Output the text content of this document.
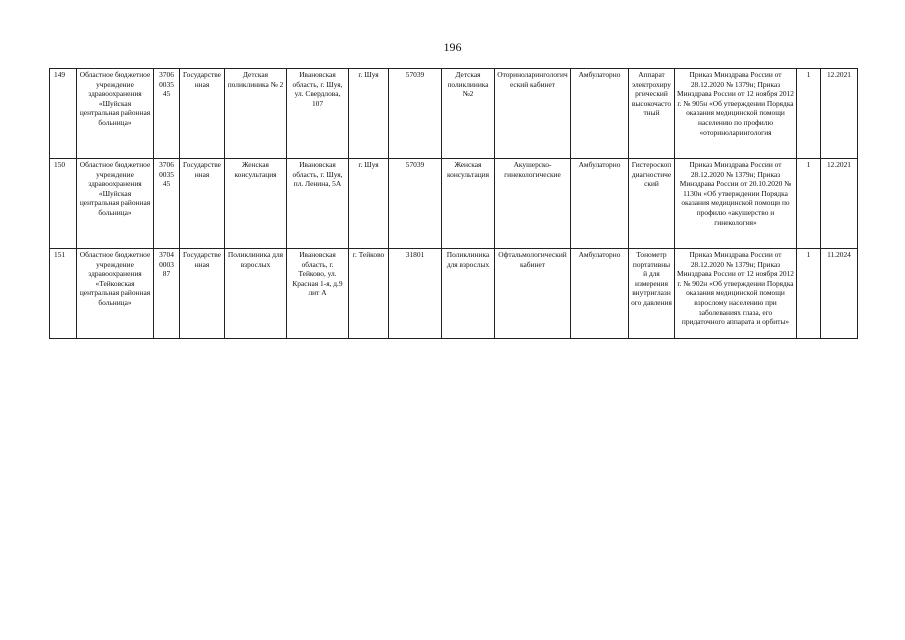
196
149	Областное бюджетное учреждение здравоохранения «Шуйская центральная районная больница»	3706 0035 45	Государственная	Детская поликлиника № 2	Ивановская область, г. Шуя, ул. Свердлова, 107	г. Шуя	57039	Детская поликлиника №2	Оториноларингологический кабинет	Амбулаторно	Аппарат электрохирургический высокочастотный	Приказ Минздрава России от 28.12.2020 № 1379н; Приказ Минздрава России от 12 ноября 2012 г. № 905н «Об утверждении Порядка оказания медицинской помощи населению по профилю «оториноларингология	1	12.2021
150	Областное бюджетное учреждение здравоохранения «Шуйская центральная районная больница»	3706 0035 45	Государственная	Женская консультация	Ивановская область, г. Шуя, пл. Ленина, 5А	г. Шуя	57039	Женская консультация	Акушерско-гинекологические	Амбулаторно	Гистероскоп диагностический	Приказ Минздрава России от 28.12.2020 № 1379н; Приказ Минздрава России от 20.10.2020 № 1130н «Об утверждении Порядка оказания медицинской помощи по профилю «акушерство и гинекология»	1	12.2021
151	Областное бюджетное учреждение здравоохранения «Тейковская центральная районная больница»	3704 0003 87	Государственная	Поликлиника для взрослых	Ивановская область, г. Тейково, ул. Красная 1-я, д.9 лит А	г. Тейково	31801	Поликлиника для взрослых	Офтальмологический кабинет	Амбулаторно	Тонометр портативный для измерения внутриглазного давления	Приказ Минздрава России от 28.12.2020 № 1379н; Приказ Минздрава России от 12 ноября 2012 г. № 902н «Об утверждении Порядка оказания медицинской помощи взрослому населению при заболеваниях глаза, его придаточного аппарата и орбиты»	1	11.2024
